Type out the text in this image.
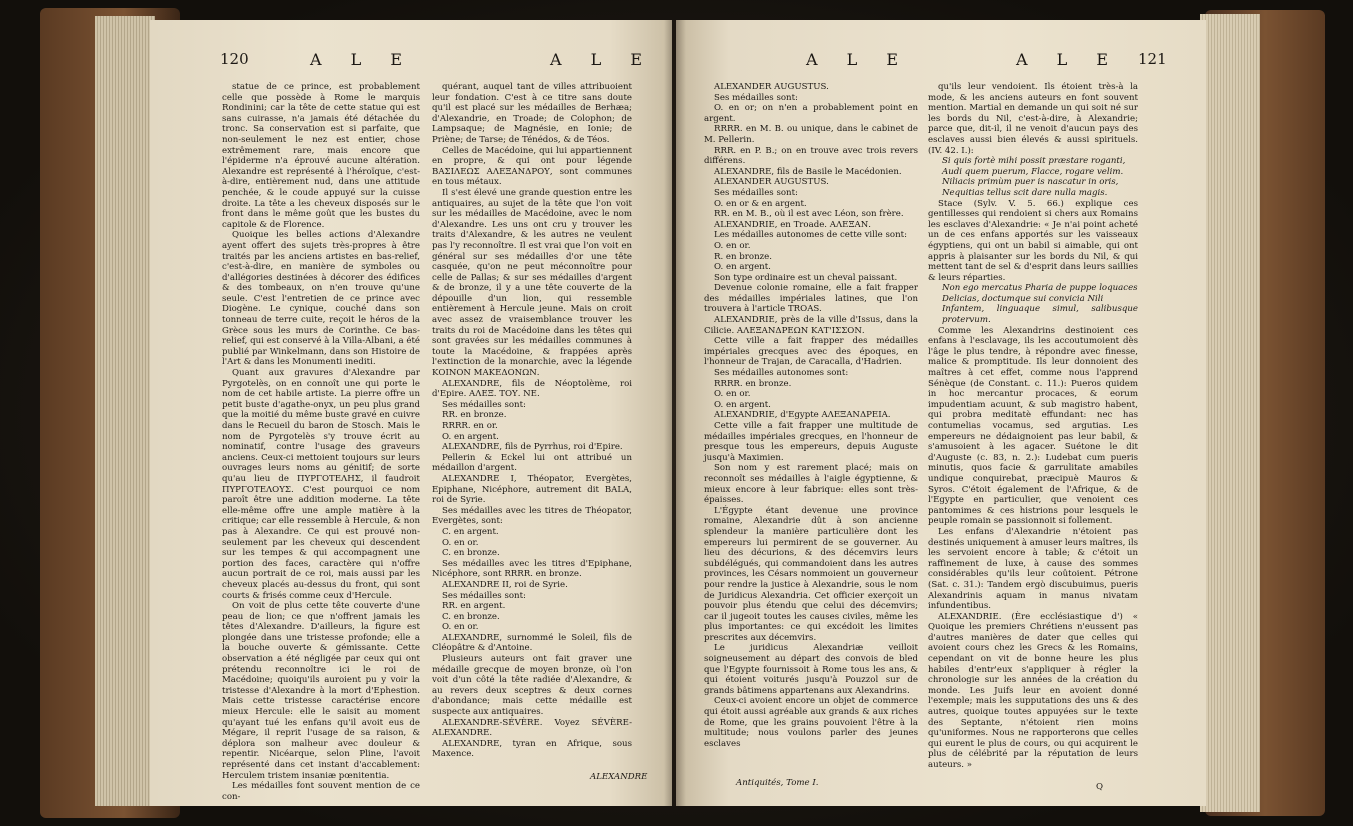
120	A L E	A L E

statue de ce prince, est probablement celle que possède à Rome le marquis Rondinini; car la tête de cette statue qui est sans cuirasse, n'a jamais été détachée du tronc. Sa conservation est si parfaite, que non-seulement le nez est entier, chose extrêmement rare, mais encore que l'épiderme n'a éprouvé aucune altération. Alexandre est représenté à l'héroïque, c'est-à-dire, entièrement nud, dans une attitude penchée, & le coude appuyé sur la cuisse droite. La tête a les cheveux disposés sur le front dans le même goût que les bustes du capitole & de Florence.

Quoique les belles actions d'Alexandre ayent offert des sujets très-propres à être traités par les anciens artistes en bas-relief, c'est-à-dire, en manière de symboles ou d'allégories destinées à décorer des édifices & des tombeaux, on n'en trouve qu'une seule. C'est l'entretien de ce prince avec Diogène. Le cynique, couché dans son tonneau de terre cuite, reçoit le héros de la Grèce sous les murs de Corinthe. Ce bas-relief, qui est conservé à la Villa-Albani, a été publié par Winkelmann, dans son Histoire de l'Art & dans les Monumenti inediti.

Quant aux gravures d'Alexandre par Pyrgotelès, on en connoît une qui porte le nom de cet habile artiste. La pierre offre un petit buste d'agathe-onyx, un peu plus grand que la moitié du même buste gravé en cuivre dans le Recueil du baron de Stosch. Mais le nom de Pyrgotelès s'y trouve écrit au nominatif, contre l'usage des graveurs anciens. Ceux-ci mettoient toujours sur leurs ouvrages leurs noms au génitif; de sorte qu'au lieu de ΠΥΡΓΟΤΕΛΗΣ, il faudroit ΠΥΡΓΟΤΕΛΟΥΣ. C'est pourquoi ce nom paroît être une addition moderne. La tête elle-même offre une ample matière à la critique; car elle ressemble à Hercule, & non pas à Alexandre. Ce qui est prouvé non-seulement par les cheveux qui descendent sur les tempes & qui accompagnent une portion des faces, caractère qui n'offre aucun portrait de ce roi, mais aussi par les cheveux placés au-dessus du front, qui sont courts & frisés comme ceux d'Hercule.

On voit de plus cette tête couverte d'une peau de lion; ce que n'offrent jamais les têtes d'Alexandre. D'ailleurs, la figure est plongée dans une tristesse profonde; elle a la bouche ouverte & gémissante. Cette observation a été négligée par ceux qui ont prétendu reconnoître ici le roi de Macédoine; quoiqu'ils auroient pu y voir la tristesse d'Alexandre à la mort d'Ephestion. Mais cette tristesse caractérise encore mieux Hercule: elle le saisit au moment qu'ayant tué les enfans qu'il avoit eus de Mégare, il reprit l'usage de sa raison, & déplora son malheur avec douleur & repentir. Nicéarque, selon Pline, l'avoit représenté dans cet instant d'accablement: Herculem tristem insaniæ pœnitentia.

Les médailles font souvent mention de ce con-

quérant, auquel tant de villes attribuoient leur fondation. C'est à ce titre sans doute qu'il est placé sur les médailles de Berhæa; d'Alexandrie, en Troade; de Colophon; de Lampsaque; de Magnésie, en Ionie; de Priène; de Tarse; de Ténédos, & de Téos.

Celles de Macédoine, qui lui appartiennent en propre, & qui ont pour légende ΒΑΣΙΛΕΩΣ ΑΛΕΞΑΝΔΡΟΥ, sont communes en tous métaux.

Il s'est élevé une grande question entre les antiquaires, au sujet de la tête que l'on voit sur les médailles de Macédoine, avec le nom d'Alexandre. Les uns ont cru y trouver les traits d'Alexandre, & les autres ne veulent pas l'y reconnoître. Il est vrai que l'on voit en général sur ses médailles d'or une tête casquée, qu'on ne peut méconnoître pour celle de Pallas; & sur ses médailles d'argent & de bronze, il y a une tête couverte de la dépouille d'un lion, qui ressemble entièrement à Hercule jeune. Mais on croit avec assez de vraisemblance trouver les traits du roi de Macédoine dans les têtes qui sont gravées sur les médailles communes à toute la Macédoine, & frappées après l'extinction de la monarchie, avec la légende ΚΟΙΝΟΝ ΜΑΚΕΔΟΝΩΝ.

ALEXANDRE, fils de Néoptolème, roi d'Epire. ΑΛΕΞ. ΤΟΥ. ΝΕ.

Ses médailles sont:

RR. en bronze.

RRRR. en or.

O. en argent.

ALEXANDRE, fils de Pyrrhus, roi d'Epire.

Pellerin & Eckel lui ont attribué un médaillon d'argent.

ALEXANDRE I, Théopator, Evergètes, Epiphane, Nicéphore, autrement dit BALA, roi de Syrie.

Ses médailles avec les titres de Théopator, Evergètes, sont:

C. en argent.

O. en or.

C. en bronze.

Ses médailles avec les titres d'Epiphane, Nicéphore, sont RRRR. en bronze.

ALEXANDRE II, roi de Syrie.

Ses médailles sont:

RR. en argent.

C. en bronze.

O. en or.

ALEXANDRE, surnommé le Soleil, fils de Cléopâtre & d'Antoine.

Plusieurs auteurs ont fait graver une médaille grecque de moyen bronze, où l'on voit d'un côté la tête radiée d'Alexandre, & au revers deux sceptres & deux cornes d'abondance; mais cette médaille est suspecte aux antiquaires.

ALEXANDRE-SÉVÈRE. Voyez SÉVÈRE-ALEXANDRE.

ALEXANDRE, tyran en Afrique, sous Maxence.

ALEXANDRE
A L E	A L E 121

ALEXANDER AUGUSTUS.

Ses médailles sont:

O. en or; on n'en a probablement point en argent.

RRRR. en M. B. ou unique, dans le cabinet de M. Pellerin.

RRR. en P. B.; on en trouve avec trois revers différens.

ALEXANDRE, fils de Basile le Macédonien.

ALEXANDER AUGUSTUS.

Ses médailles sont:

O. en or & en argent.

RR. en M. B., où il est avec Léon, son frère.

ALEXANDRIE, en Troade. ΑΛΕΞΑΝ.

Les médailles autonomes de cette ville sont:

O. en or.

R. en bronze.

O. en argent.

Son type ordinaire est un cheval paissant.

Devenue colonie romaine, elle a fait frapper des médailles impériales latines, que l'on trouvera à l'article TROAS.

ALEXANDRIE, près de la ville d'Issus, dans la Cilicie. ΑΛΕΞΑΝΔΡΕΩΝ ΚΑΤ'ΙΣΣΟΝ.

Cette ville a fait frapper des médailles impériales grecques avec des époques, en l'honneur de Trajan, de Caracalla, d'Hadrien.

Ses médailles autonomes sont:

RRRR. en bronze.

O. en or.

O. en argent.

ALEXANDRIE, d'Egypte ΑΛΕΞΑΝΔΡΕΙΑ.

Cette ville a fait frapper une multitude de médailles impériales grecques, en l'honneur de presque tous les empereurs, depuis Auguste jusqu'à Maximien.

Son nom y est rarement placé; mais on reconnoît ses médailles à l'aigle égyptienne, & mieux encore à leur fabrique: elles sont très-épaisses.

L'Égypte étant devenue une province romaine, Alexandrie dût à son ancienne splendeur la manière particulière dont les empereurs lui permirent de se gouverner. Au lieu des décurions, & des décemvirs leurs subdélégués, qui commandoient dans les autres provinces, les Césars nommoient un gouverneur pour rendre la justice à Alexandrie, sous le nom de Juridicus Alexandria. Cet officier exerçoit un pouvoir plus étendu que celui des décemvirs; car il jugeoit toutes les causes civiles, même les plus importantes: ce qui excédoit les limites prescrites aux décemvirs.

Le juridicus Alexandriæ veilloit soigneusement au départ des convois de bled que l'Egypte fournissoit à Rome tous les ans, & qui étoient voiturés jusqu'à Pouzzol sur de grands bâtimens appartenans aux Alexandrins.

Ceux-ci avoient encore un objet de commerce qui étoit aussi agréable aux grands & aux riches de Rome, que les grains pouvoient l'être à la multitude; nous voulons parler des jeunes esclaves

qu'ils leur vendoient. Ils étoient très-à la mode, & les anciens auteurs en font souvent mention. Martial en demande un qui soit né sur les bords du Nil, c'est-à-dire, à Alexandrie; parce que, dit-il, il ne venoit d'aucun pays des esclaves aussi bien élevés & aussi spirituels. (IV. 42. I.):

Si quis fortè mihi possit præstare roganti,
Audi quem puerum, Flacce, rogare velim.
Niliacis primùm puer is nascatur in oris,
Nequitias tellus scit dare nulla magis.

Stace (Sylv. V. 5. 66.) explique ces gentillesses qui rendoient si chers aux Romains les esclaves d'Alexandrie: « Je n'ai point acheté un de ces enfans apportés sur les vaisseaux égyptiens, qui ont un babil si aimable, qui ont appris à plaisanter sur les bords du Nil, & qui mettent tant de sel & d'esprit dans leurs saillies & leurs réparties.

Non ego mercatus Pharia de puppe loquaces
Delicias, doctumque sui convicia Nili
Infantem, linguaque simul, salibusque protervum.

Comme les Alexandrins destinoient ces enfans à l'esclavage, ils les accoutumoient dès l'âge le plus tendre, à répondre avec finesse, malice & promptitude. Ils leur donnoient des maîtres à cet effet, comme nous l'apprend Sénèque (de Constant. c. 11.): Pueros quidem in hoc mercantur procaces, & eorum impudentiam acuunt, & sub magistro habent, qui probra meditatè effundant: nec has contumelias vocamus, sed argutias. Les empereurs ne dédaignoient pas leur babil, & s'amusoient à les agacer. Suétone le dit d'Auguste (c. 83, n. 2.): Ludebat cum pueris minutis, quos facie & garrulitate amabiles undique conquirebat, præcipuè Mauros & Syros. C'étoit également de l'Afrique, & de l'Egypte en particulier, que venoient ces pantomimes & ces histrions pour lesquels le peuple romain se passionnoit si follement.

Les enfans d'Alexandrie n'étoient pas destinés uniquement à amuser leurs maîtres, ils les servoient encore à table; & c'étoit un raffinement de luxe, à cause des sommes considérables qu'ils leur coûtoient. Pétrone (Sat. c. 31.): Tandem ergò discubuimus, pueris Alexandrinis aquam in manus nivatam infundentibus.

ALEXANDRIE. (Ère ecclésiastique d') « Quoique les premiers Chrétiens n'eussent pas d'autres manières de dater que celles qui avoient cours chez les Grecs & les Romains, cependant on vit de bonne heure les plus habiles d'entr'eux s'appliquer à régler la chronologie sur les années de la création du monde. Les Juifs leur en avoient donné l'exemple; mais les supputations des uns & des autres, quoique toutes appuyées sur le texte des Septante, n'étoient rien moins qu'uniformes. Nous ne rapporterons que celles qui eurent le plus de cours, ou qui acquirent le plus de célébrité par la réputation de leurs auteurs. »

Antiquités, Tome I.	Q
